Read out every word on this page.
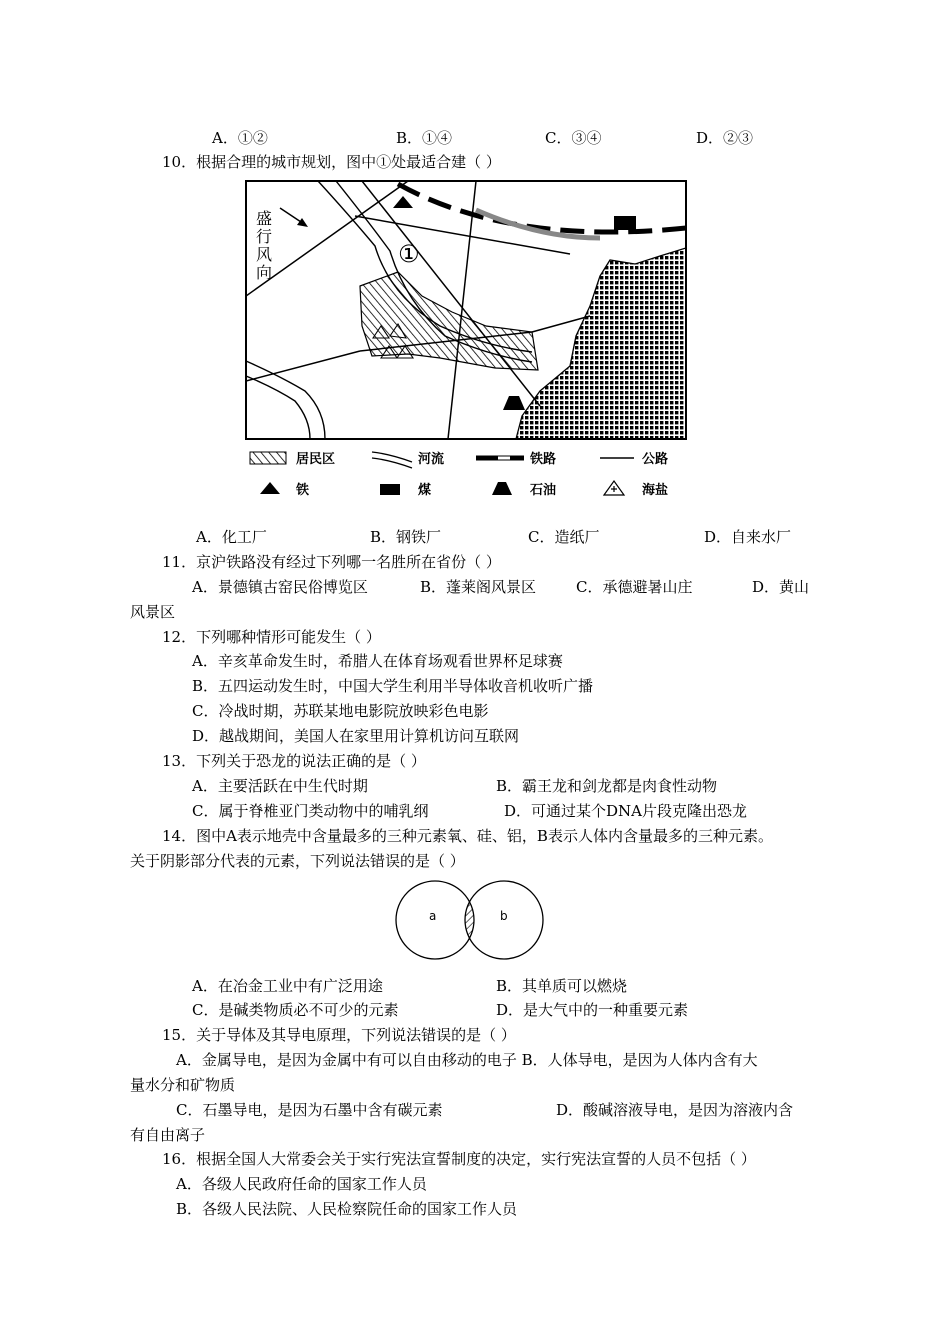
A．①②	B．①④	C．③④	D．②③
10．根据合理的城市规划，图中①处最适合建（ ）
盛
行
风
向
①
居民区	河流	铁路	公路
铁	煤	石油	海盐
A．化工厂	B．钢铁厂	C．造纸厂	D．自来水厂
11．京沪铁路没有经过下列哪一名胜所在省份（ ）
A．景德镇古窑民俗博览区	B．蓬莱阁风景区	C．承德避暑山庄	D．黄山
风景区
12．下列哪种情形可能发生（ ）
A．辛亥革命发生时，希腊人在体育场观看世界杯足球赛
B．五四运动发生时，中国大学生利用半导体收音机收听广播
C．冷战时期，苏联某地电影院放映彩色电影
D．越战期间，美国人在家里用计算机访问互联网
13．下列关于恐龙的说法正确的是（ ）
A．主要活跃在中生代时期	B．霸王龙和剑龙都是肉食性动物
C．属于脊椎亚门类动物中的哺乳纲	D．可通过某个DNA片段克隆出恐龙
14．图中A表示地壳中含量最多的三种元素氧、硅、铝，B表示人体内含量最多的三种元素。
关于阴影部分代表的元素，下列说法错误的是（ ）
a	b
A．在冶金工业中有广泛用途	B．其单质可以燃烧
C．是碱类物质必不可少的元素	D．是大气中的一种重要元素
15．关于导体及其导电原理，下列说法错误的是（ ）
A．金属导电，是因为金属中有可以自由移动的电子 B．人体导电，是因为人体内含有大
量水分和矿物质
C．石墨导电，是因为石墨中含有碳元素	D．酸碱溶液导电，是因为溶液内含
有自由离子
16．根据全国人大常委会关于实行宪法宣誓制度的决定，实行宪法宣誓的人员不包括（ ）
A．各级人民政府任命的国家工作人员
B．各级人民法院、人民检察院任命的国家工作人员
